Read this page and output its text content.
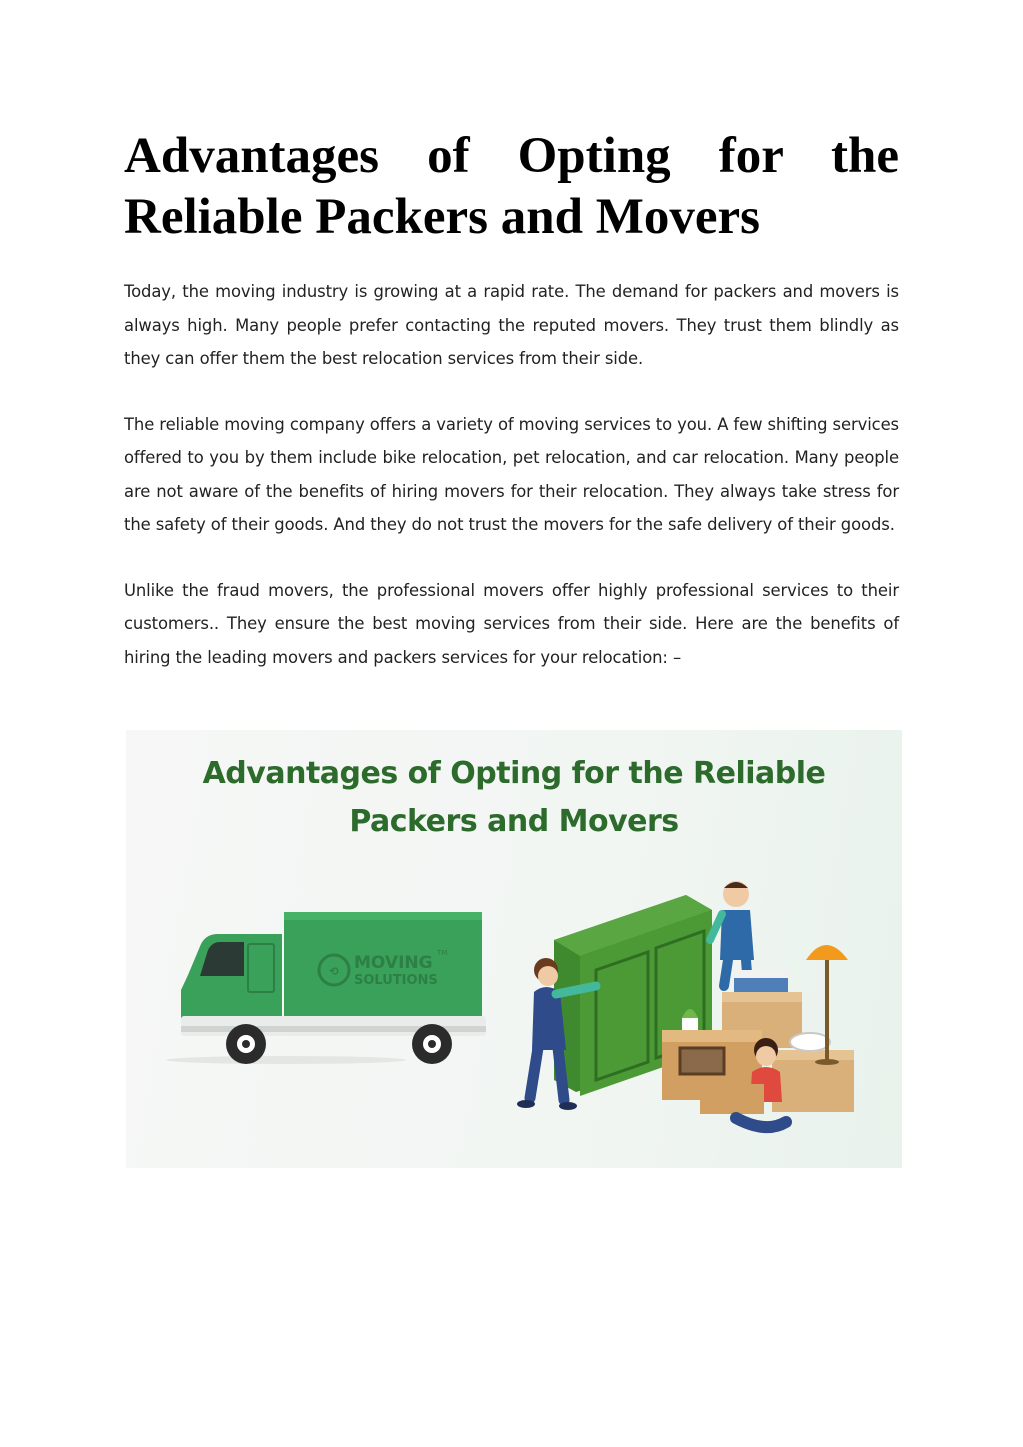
Advantages of Opting for the
Reliable Packers and Movers

Today, the moving industry is growing at a rapid rate. The demand for packers and movers is always high. Many people prefer contacting the reputed movers. They trust them blindly as they can offer them the best relocation services from their side.

The reliable moving company offers a variety of moving services to you. A few shifting services offered to you by them include bike relocation, pet relocation, and car relocation. Many people are not aware of the benefits of hiring movers for their relocation. They always take stress for the safety of their goods. And they do not trust the movers for the safe delivery of their goods.

Unlike the fraud movers, the professional movers offer highly professional services to their customers.. They ensure the best moving services from their side. Here are the benefits of hiring the leading movers and packers services for your relocation: –

Advantages of Opting for the Reliable
Packers and Movers
⟲ MOVING TM
SOLUTIONS
